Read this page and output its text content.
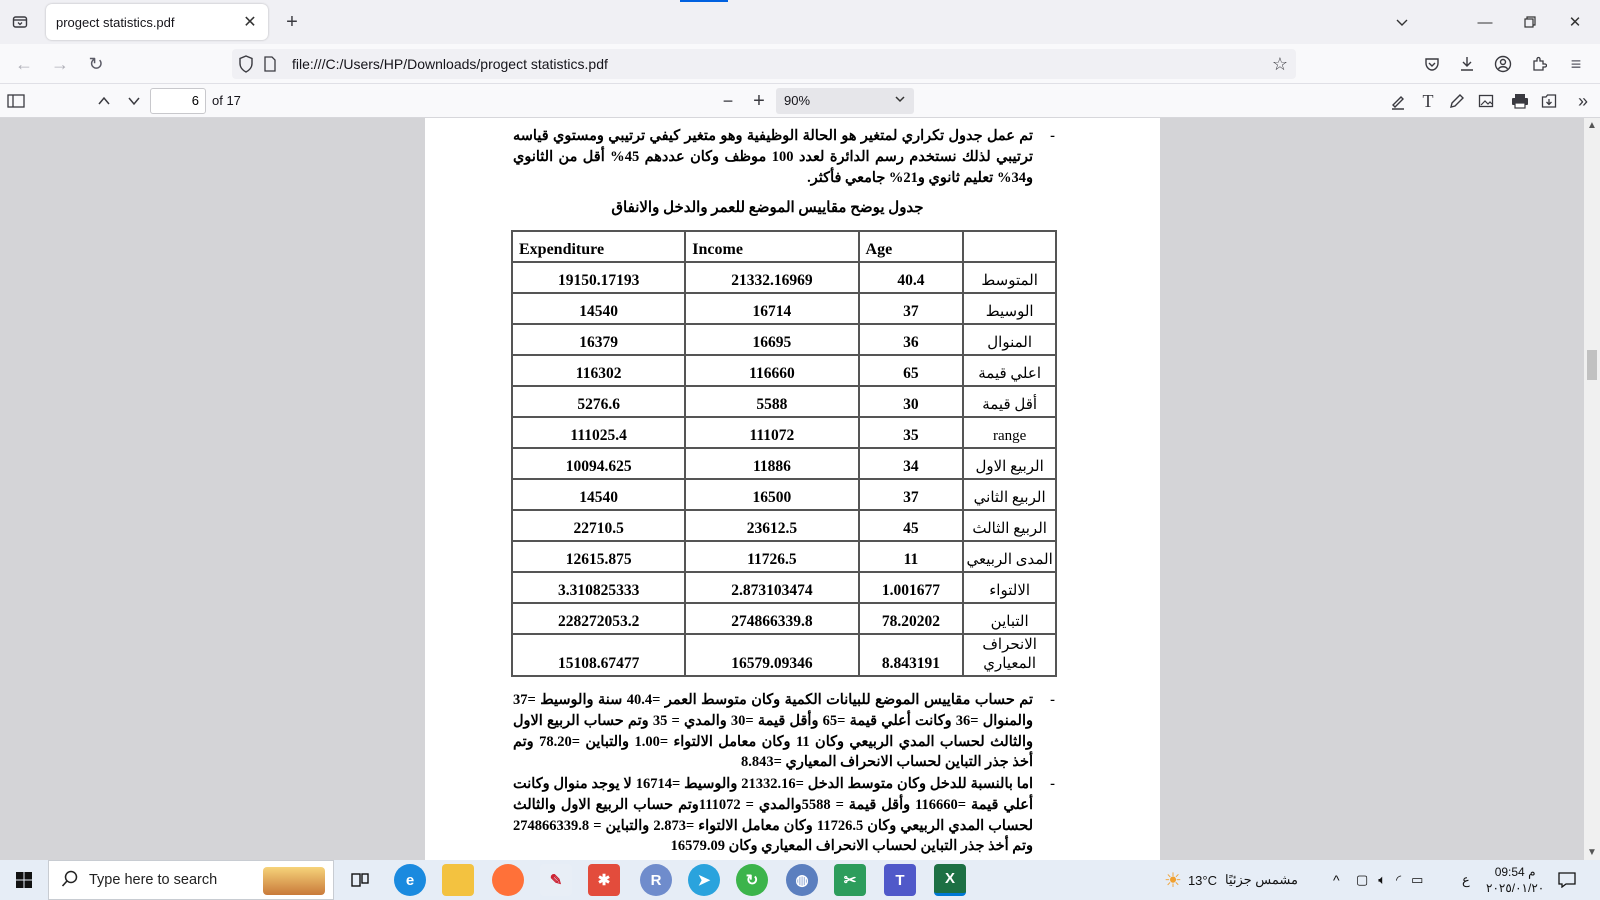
progect statistics.pdf	✕	+	—	✕
← → ↻	file:///C:/Users/HP/Downloads/progect statistics.pdf	☆	≡
6	of 17	− +	90%	T	»
- تم عمل جدول تكراري لمتغير هو الحالة الوظيفية وهو متغير كيفي ترتيبي ومستوي قياسه ترتيبي لذلك نستخدم رسم الدائرة لعدد 100 موظف وكان عددهم 45% أقل من الثانوي و34% تعليم ثانوي و21% جامعي فأكثر.
جدول يوضح مقاييس الموضع للعمر والدخل والانفاق
Expenditure	Income	Age	
19150.17193	21332.16969	40.4	المتوسط
14540	16714	37	الوسيط
16379	16695	36	المنوال
116302	116660	65	اعلي قيمة
5276.6	5588	30	أقل قيمة
111025.4	111072	35	range
10094.625	11886	34	الربيع الاول
14540	16500	37	الربيع الثاني
22710.5	23612.5	45	الربيع الثالث
12615.875	11726.5	11	المدى الربيعي
3.310825333	2.873103474	1.001677	الالتواء
228272053.2	274866339.8	78.20202	التباين
15108.67477	16579.09346	8.843191	الانحراف المعياري
- تم حساب مقاييس الموضع للبيانات الكمية وكان متوسط العمر =40.4 سنة والوسيط =37 والمنوال =36 وكانت أعلي قيمة =65 وأقل قيمة =30 والمدي = 35 وتم حساب الربيع الاول والثالث لحساب المدي الربيعي وكان 11 وكان معامل الالتواء =1.00 والتباين =78.20 وتم أخذ جذر التباين لحساب الانحراف المعياري =8.843
- اما بالنسبة للدخل وكان متوسط الدخل =21332.16 والوسيط =16714 لا يوجد منوال وكانت أعلي قيمة =116660 وأقل قيمة = 5588والمدي = 111072وتم حساب الربيع الاول والثالث لحساب المدي الربيعي وكان 11726.5 وكان معامل الالتواء =2.873 والتباين = 274866339.8 وتم أخذ جذر التباين لحساب الانحراف المعياري وكان 16579.09
▲
▼
Type here to search	e	✎	✱	R	➤	↻	◍	✂	T	X	☀ 13°C مشمس جزئيًا	^ ▢ 🔈︎ ◜ ▭	ع 09:54 م
٢٠٢٥/٠١/٢٠
